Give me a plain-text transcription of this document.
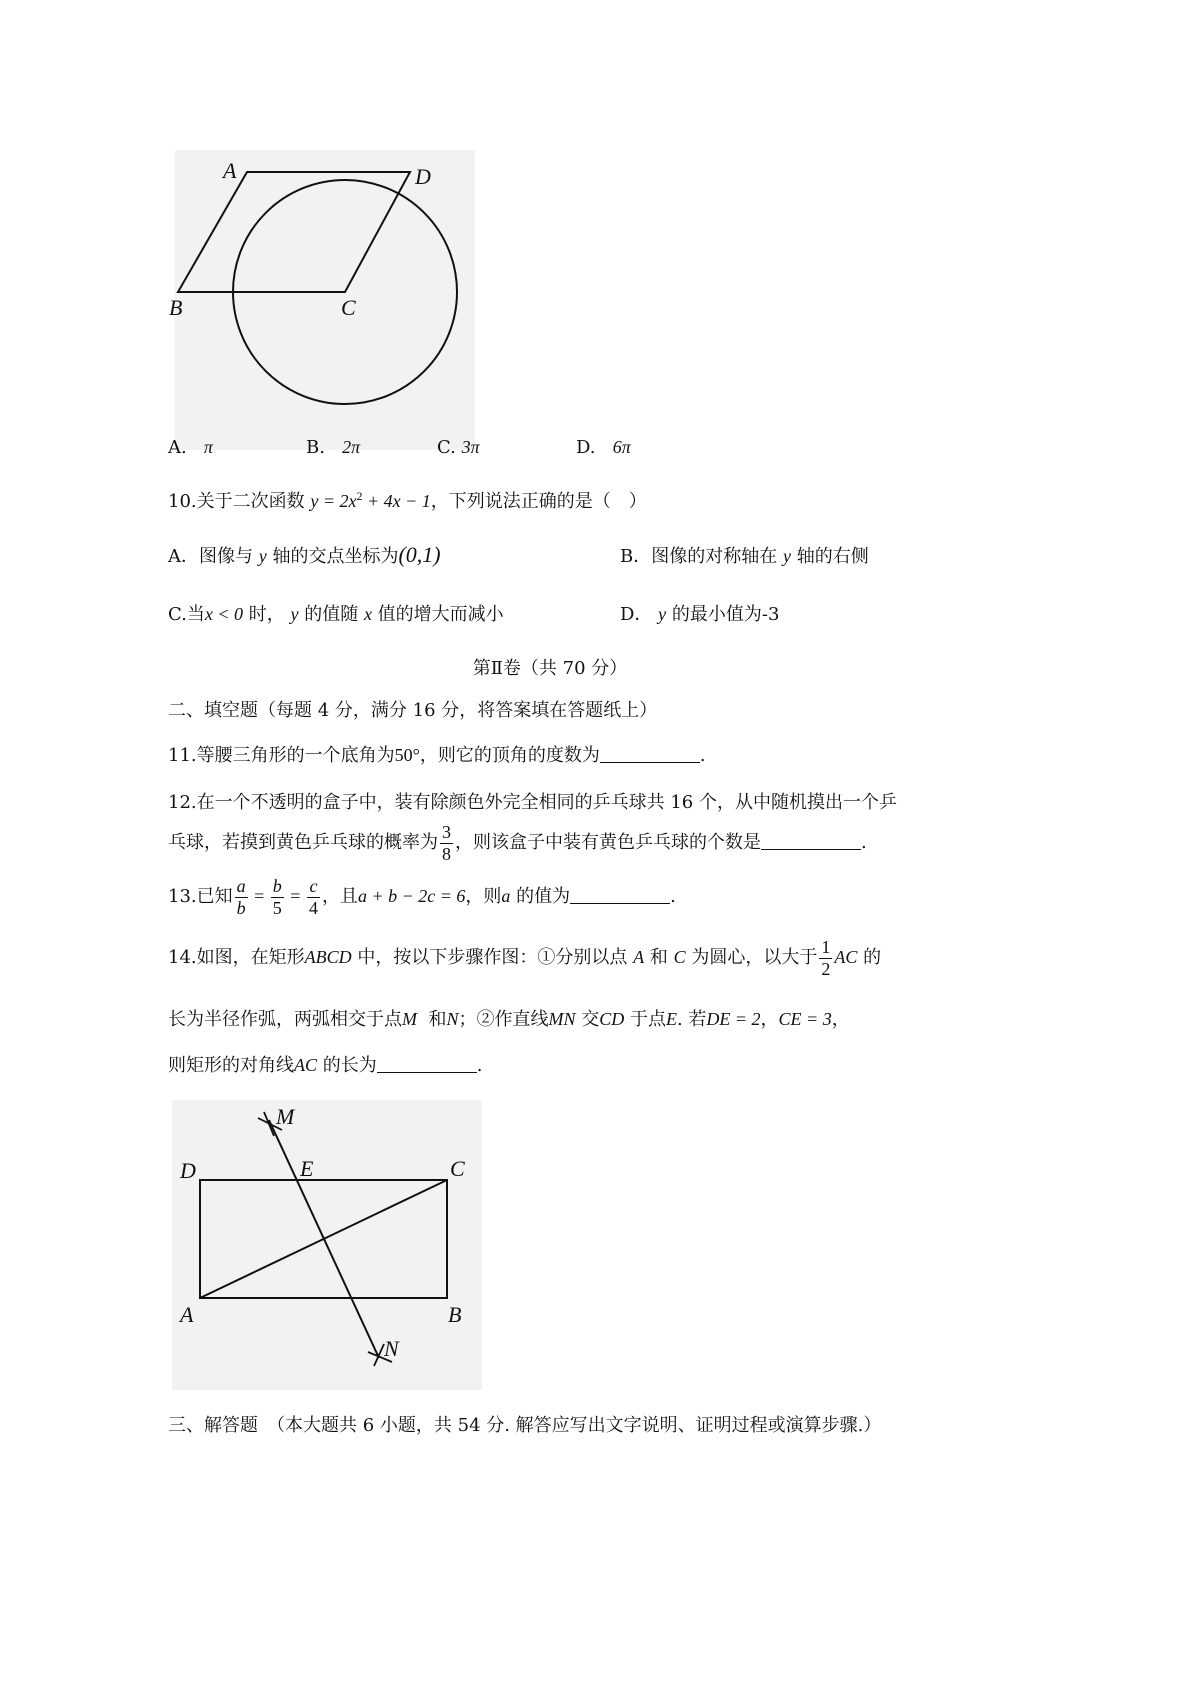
A	D
B	C
A. π	B. 2π	C. 3π	D. 6π
10.关于二次函数 $y = 2x^2 + 4x - 1$，下列说法正确的是（　）
A．图像与 y 轴的交点坐标为(0,1)	B．图像的对称轴在 y 轴的右侧
C.当x < 0 时， y 的值随 x 值的增大而减小	D． y 的最小值为-3
第Ⅱ卷（共 70 分）
二、填空题（每题 4 分，满分 16 分，将答案填在答题纸上）
11.等腰三角形的一个底角为50°，则它的顶角的度数为	.
12.在一个不透明的盒子中，装有除颜色外完全相同的乒乓球共 16 个，从中随机摸出一个乒
乓球，若摸到黄色乒乓球的概率为 $\frac{3}{8}$ ，则该盒子中装有黄色乒乓球的个数是	.
13.已知 $\frac{a}{b} = \frac{b}{5} = \frac{c}{4}$ ，且a + b − 2c = 6，则a 的值为	.
14.如图，在矩形ABCD 中，按以下步骤作图：①分别以点 A 和 C 为圆心，以大于 $\frac{1}{2}$ AC 的
长为半径作弧，两弧相交于点M 和N；②作直线MN 交CD 于点E. 若DE = 2，CE = 3，
则矩形的对角线AC 的长为	.
M
D	E	C
A	B
N
三、解答题　（本大题共 6 小题，共 54 分. 解答应写出文字说明、证明过程或演算步骤.）
